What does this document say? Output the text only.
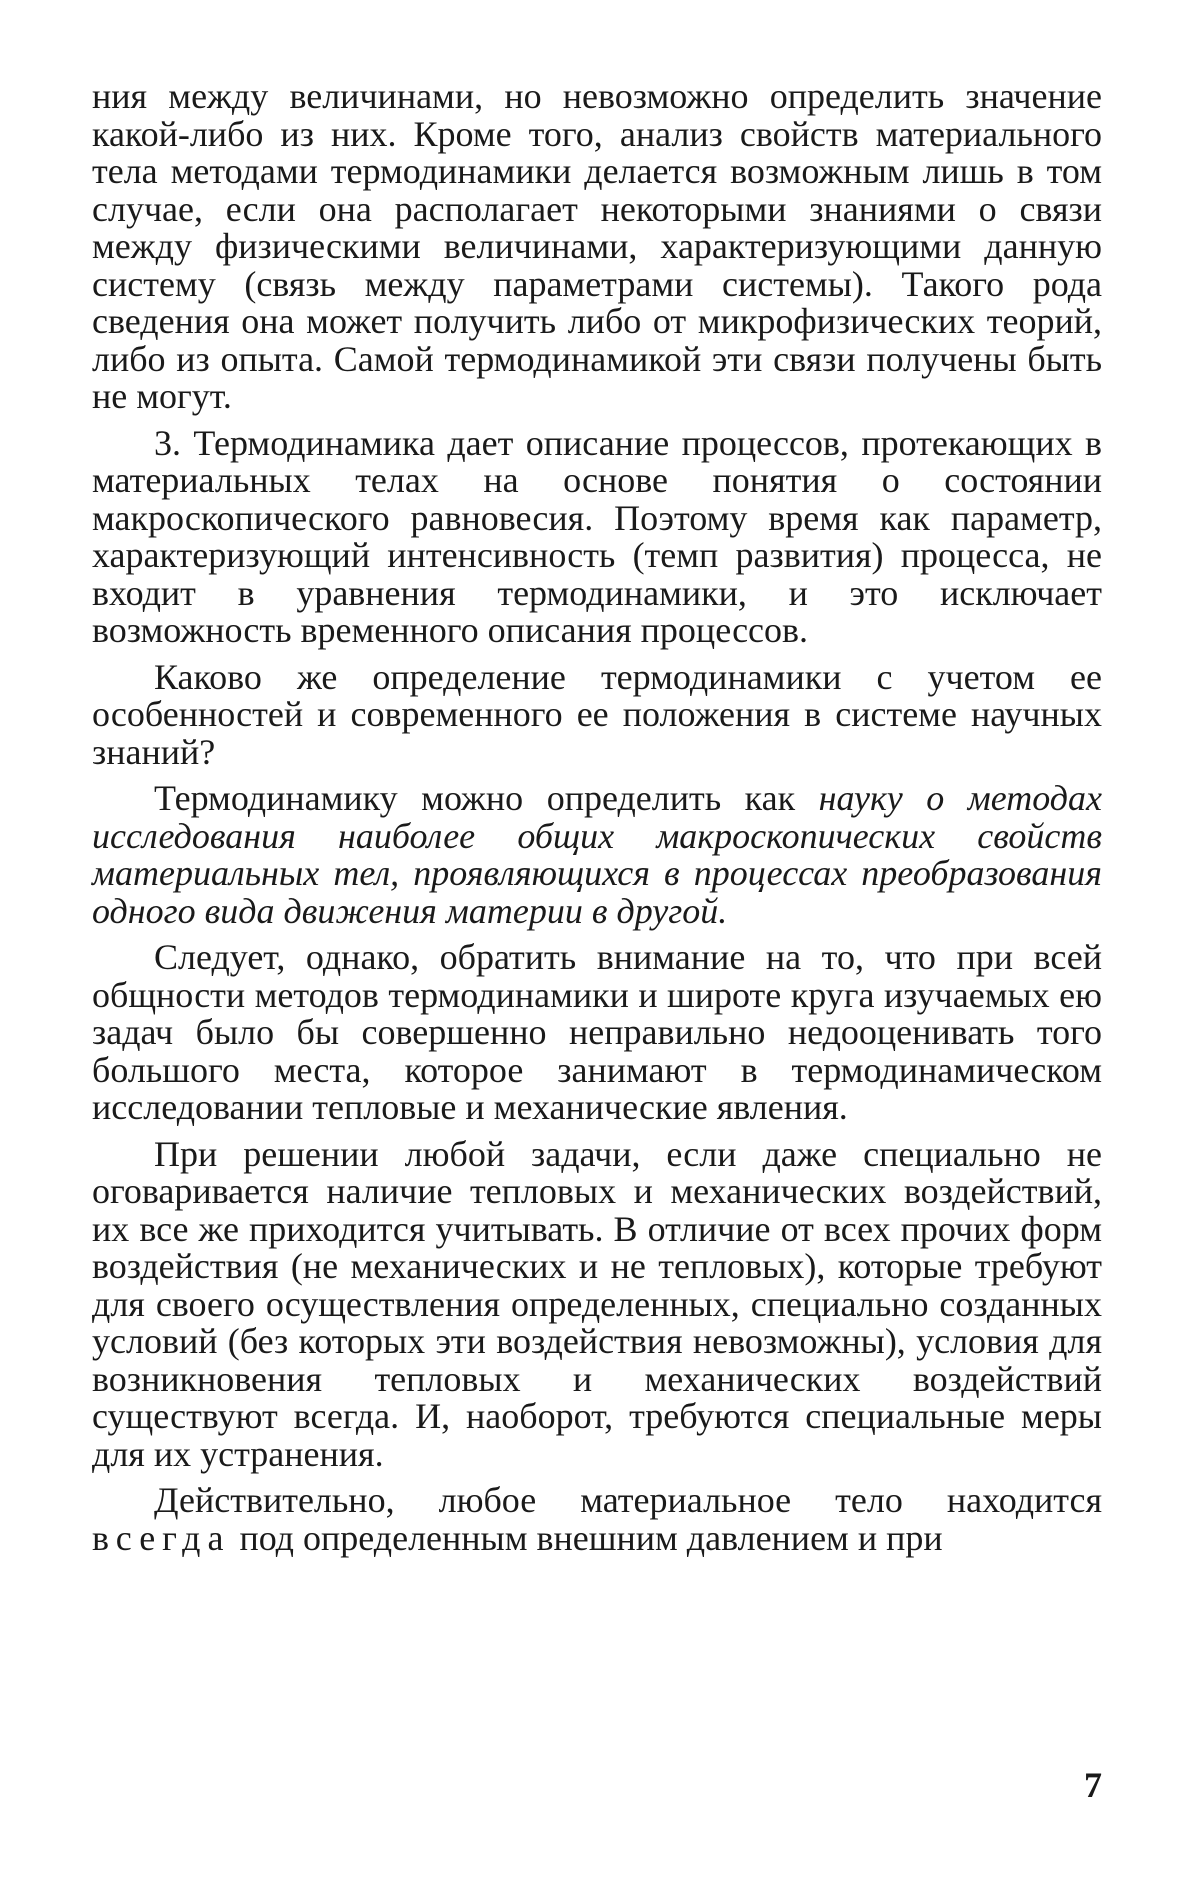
ния между величинами, но невозможно определить значение какой-либо из них. Кроме того, анализ свойств материального тела методами термодинамики делается возможным лишь в том случае, если она располагает некоторыми знаниями о связи между физическими величинами, характеризующими данную систему (связь между параметрами системы). Такого рода сведения она может получить либо от микрофизических теорий, либо из опыта. Самой термодинамикой эти связи получены быть не могут.

3. Термодинамика дает описание процессов, протекающих в материальных телах на основе понятия о состоянии макроскопического равновесия. Поэтому время как параметр, характеризующий интенсивность (темп развития) процесса, не входит в уравнения термодинамики, и это исключает возможность временного описания процессов.

Каково же определение термодинамики с учетом ее особенностей и современного ее положения в системе научных знаний?

Термодинамику можно определить как науку о методах исследования наиболее общих макроскопических свойств материальных тел, проявляющихся в процессах преобразования одного вида движения материи в другой.

Следует, однако, обратить внимание на то, что при всей общности методов термодинамики и широте круга изучаемых ею задач было бы совершенно неправильно недооценивать того большого места, которое занимают в термодинамическом исследовании тепловые и механические явления.

При решении любой задачи, если даже специально не оговаривается наличие тепловых и механических воздействий, их все же приходится учитывать. В отличие от всех прочих форм воздействия (не механических и не тепловых), которые требуют для своего осуществления определенных, специально созданных условий (без которых эти воздействия невозможны), условия для возникновения тепловых и механических воздействий существуют всегда. И, наоборот, требуются специальные меры для их устранения.

Действительно, любое материальное тело находится всегда под определенным внешним давлением и при

7
